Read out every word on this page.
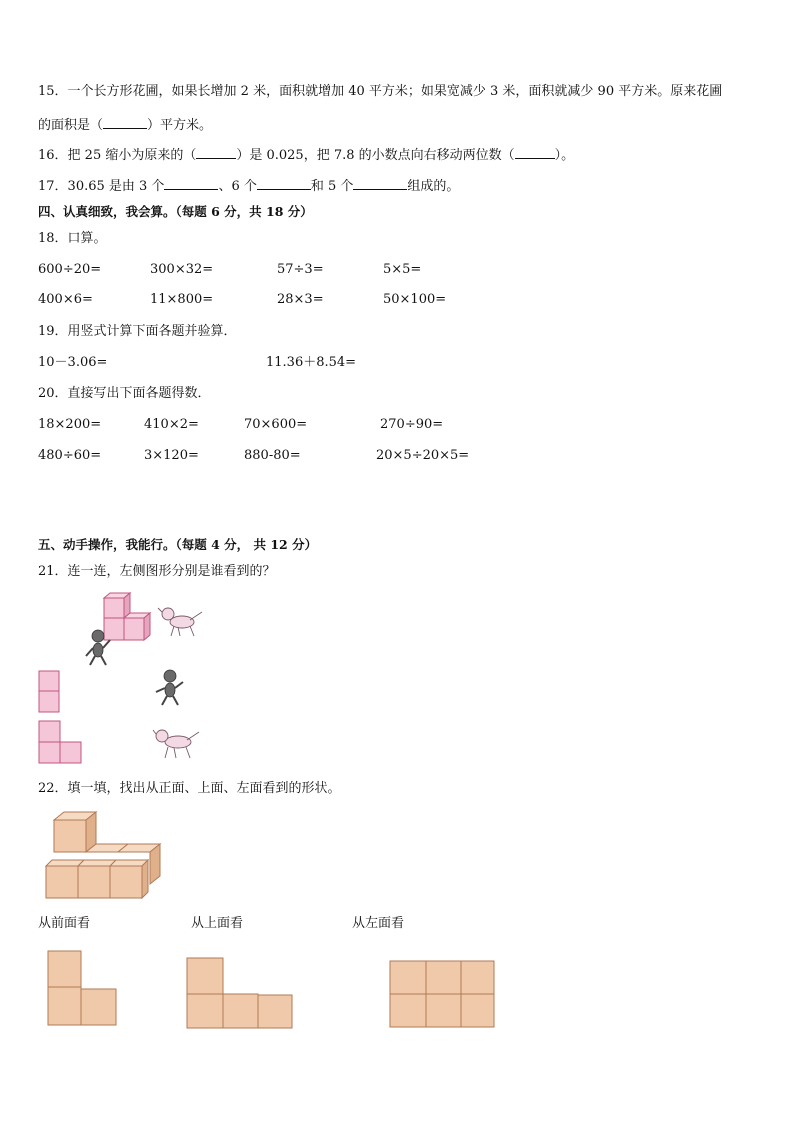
15．一个长方形花圃，如果长增加 2 米，面积就增加 40 平方米；如果宽减少 3 米，面积就减少 90 平方米。原来花圃
的面积是（	）平方米。
16．把 25 缩小为原来的（	）是 0.025，把 7.8 的小数点向右移动两位数（	）。
17．30.65 是由 3 个	、6 个	和 5 个	组成的。
四、认真细致，我会算。（每题 6 分，共 18 分）
18．口算。
600÷20=	300×32=	57÷3=	5×5=
400×6=	11×800=	28×3=	50×100=
19．用竖式计算下面各题并验算．
10－3.06=	11.36＋8.54=
20．直接写出下面各题得数．
18×200=	410×2=	70×600=	270÷90=
480÷60=	3×120=	880-80=	20×5÷20×5=
五、动手操作，我能行。（每题 4 分， 共 12 分）
21．连一连，左侧图形分别是谁看到的？
22．填一填，找出从正面、上面、左面看到的形状。
从前面看	从上面看	从左面看
